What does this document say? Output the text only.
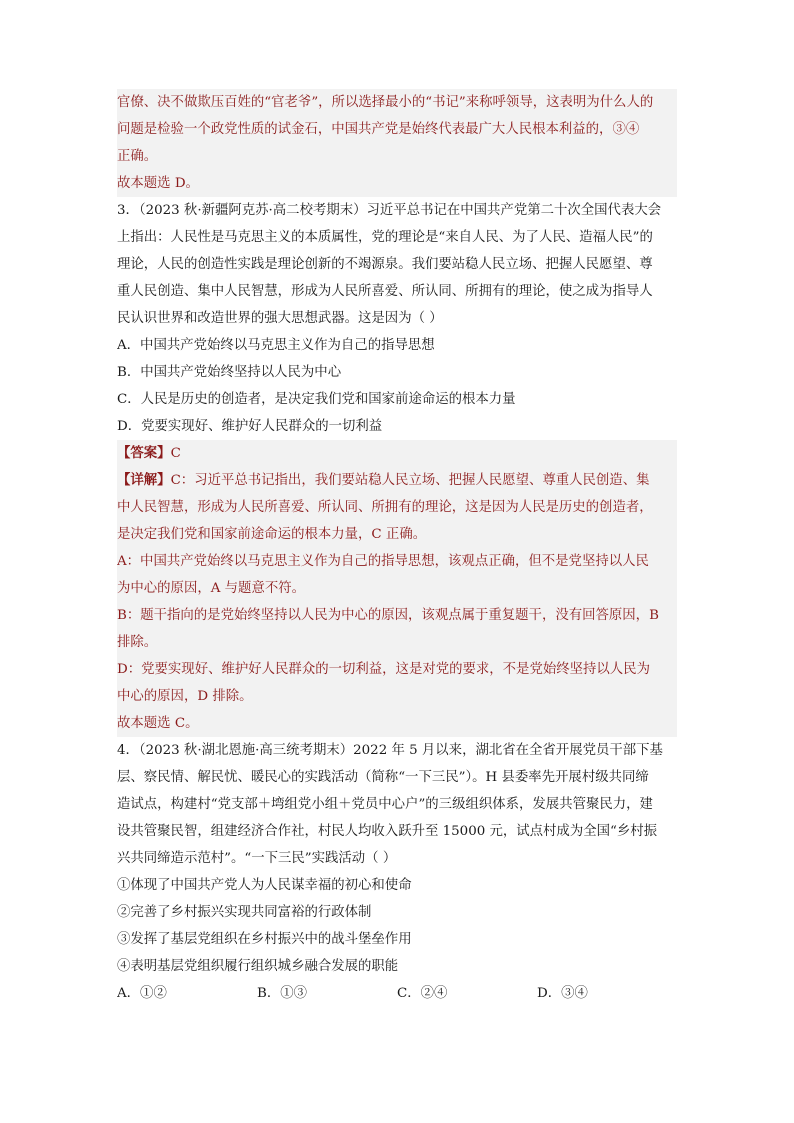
官僚、决不做欺压百姓的“官老爷”，所以选择最小的“书记”来称呼领导，这表明为什么人的
问题是检验一个政党性质的试金石，中国共产党是始终代表最广大人民根本利益的，③④
正确。
故本题选 D。
3．（2023 秋·新疆阿克苏·高二校考期末）习近平总书记在中国共产党第二十次全国代表大会
上指出：人民性是马克思主义的本质属性，党的理论是“来自人民、为了人民、造福人民”的
理论，人民的创造性实践是理论创新的不竭源泉。我们要站稳人民立场、把握人民愿望、尊
重人民创造、集中人民智慧，形成为人民所喜爱、所认同、所拥有的理论，使之成为指导人
民认识世界和改造世界的强大思想武器。这是因为（ ）
A．中国共产党始终以马克思主义作为自己的指导思想
B．中国共产党始终坚持以人民为中心
C．人民是历史的创造者，是决定我们党和国家前途命运的根本力量
D．党要实现好、维护好人民群众的一切利益
【答案】C
【详解】C：习近平总书记指出，我们要站稳人民立场、把握人民愿望、尊重人民创造、集
中人民智慧，形成为人民所喜爱、所认同、所拥有的理论，这是因为人民是历史的创造者，
是决定我们党和国家前途命运的根本力量，C 正确。
A：中国共产党始终以马克思主义作为自己的指导思想，该观点正确，但不是党坚持以人民
为中心的原因，A 与题意不符。
B：题干指向的是党始终坚持以人民为中心的原因，该观点属于重复题干，没有回答原因，B
排除。
D：党要实现好、维护好人民群众的一切利益，这是对党的要求，不是党始终坚持以人民为
中心的原因，D 排除。
故本题选 C。
4．（2023 秋·湖北恩施·高三统考期末）2022 年 5 月以来，湖北省在全省开展党员干部下基
层、察民情、解民忧、暖民心的实践活动（简称“一下三民”）。H 县委率先开展村级共同缔
造试点，构建村“党支部＋塆组党小组＋党员中心户”的三级组织体系，发展共管聚民力，建
设共管聚民智，组建经济合作社，村民人均收入跃升至 15000 元，试点村成为全国“乡村振
兴共同缔造示范村”。“一下三民”实践活动（ ）
①体现了中国共产党人为人民谋幸福的初心和使命
②完善了乡村振兴实现共同富裕的行政体制
③发挥了基层党组织在乡村振兴中的战斗堡垒作用
④表明基层党组织履行组织城乡融合发展的职能
A．①②	B．①③	C．②④	D．③④
